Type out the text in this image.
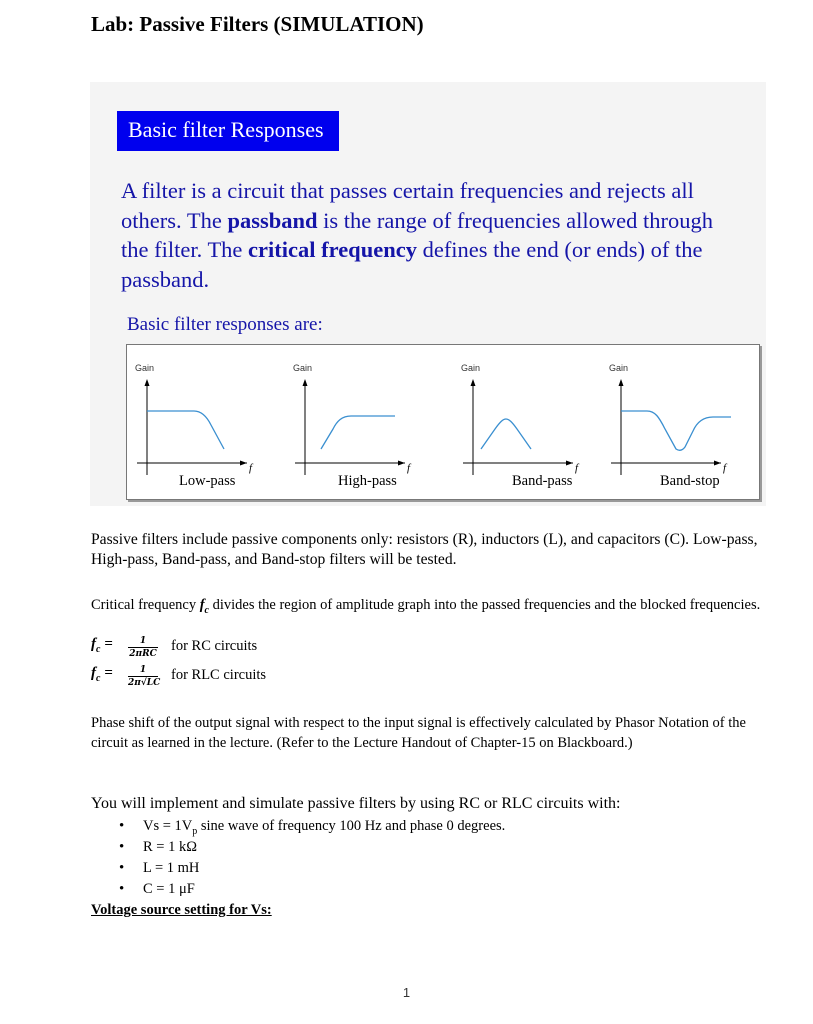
Lab: Passive Filters (SIMULATION)
Basic filter Responses
A filter is a circuit that passes certain frequencies and rejects all others. The passband is the range of frequencies allowed through the filter. The critical frequency defines the end (or ends) of the passband.
Basic filter responses are:
Gain
f
Low-pass
Gain
f
High-pass
Gain
f
Band-pass
Gain
f
Band-stop
Passive filters include passive components only: resistors (R), inductors (L), and capacitors (C). Low-pass, High-pass, Band-pass, and Band-stop filters will be tested.
Critical frequency $f_c$ divides the region of amplitude graph into the passed frequencies and the blocked frequencies.
$f_c$ =	1
2πRC for RC circuits
$f_c = \frac{1}{2\pi√LC}$ for RLC circuits
Phase shift of the output signal with respect to the input signal is effectively calculated by Phasor Notation of the circuit as learned in the lecture. (Refer to the Lecture Handout of Chapter-15 on Blackboard.)
You will implement and simulate passive filters by using RC or RLC circuits with:
• $Vs = 1V_p$ sine wave of frequency 100 Hz and phase 0 degrees.
• R = 1 kΩ
• L = 1 mH
• C = 1 μF
Voltage source setting for Vs:
1
